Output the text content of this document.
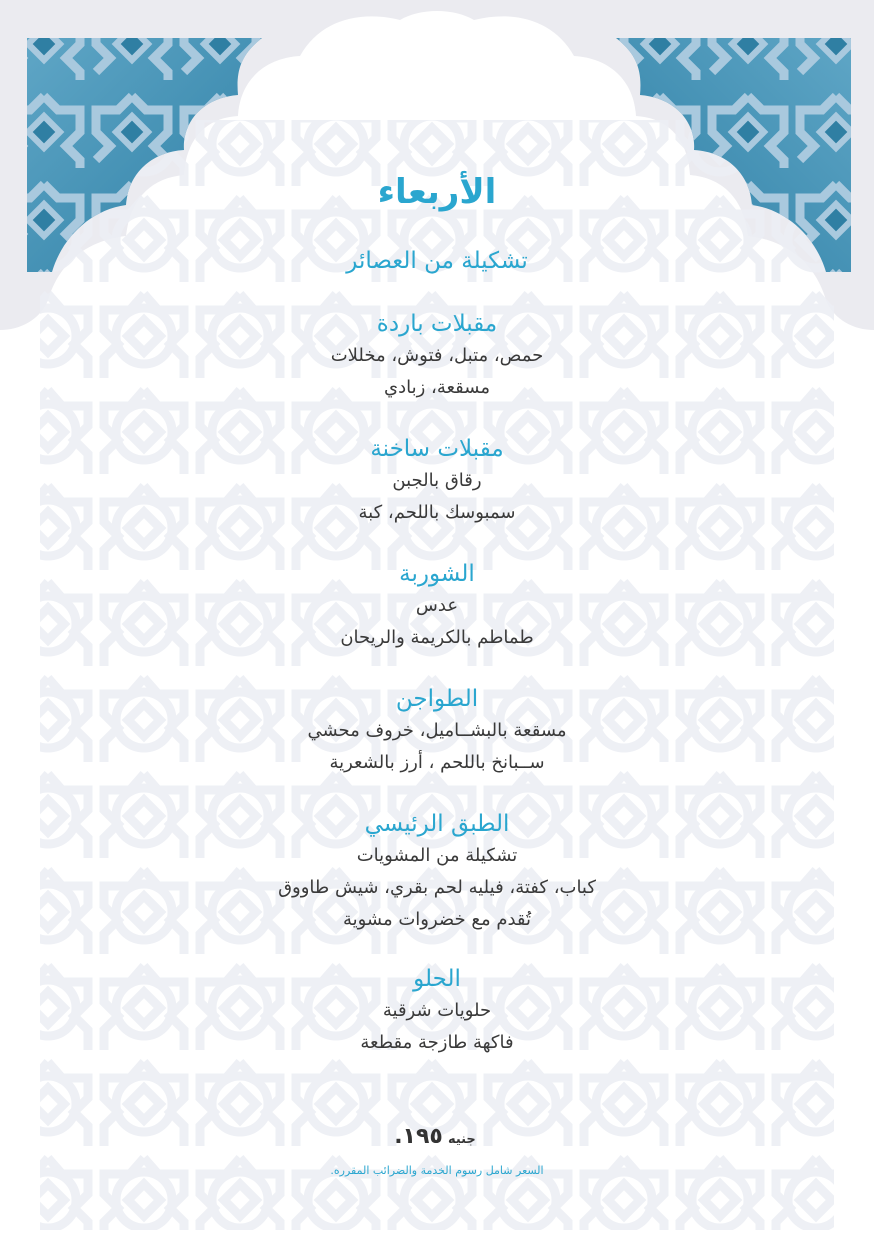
الأربعاء
تشكيلة من العصائر
مقبلات باردة
حمص، متبل، فتوش، مخللات
مسقعة، زبادي
مقبلات ساخنة
رقاق بالجبن
سمبوسك باللحم، كبة
الشوربة
عدس
طماطم بالكريمة والريحان
الطواجن
مسقعة بالبشــاميل، خروف محشي
ســبانخ باللحم ، أرز بالشعرية
الطبق الرئيسي
تشكيلة من المشويات
كباب، كفتة، فيليه لحم بقري، شيش طاووق
تُقدم مع خضروات مشوية
الحلو
حلويات شرقية
فاكهة طازجة مقطعة
جنيه ١٩٥.
السعر شامل رسوم الخدمة والضرائب المقرره.
